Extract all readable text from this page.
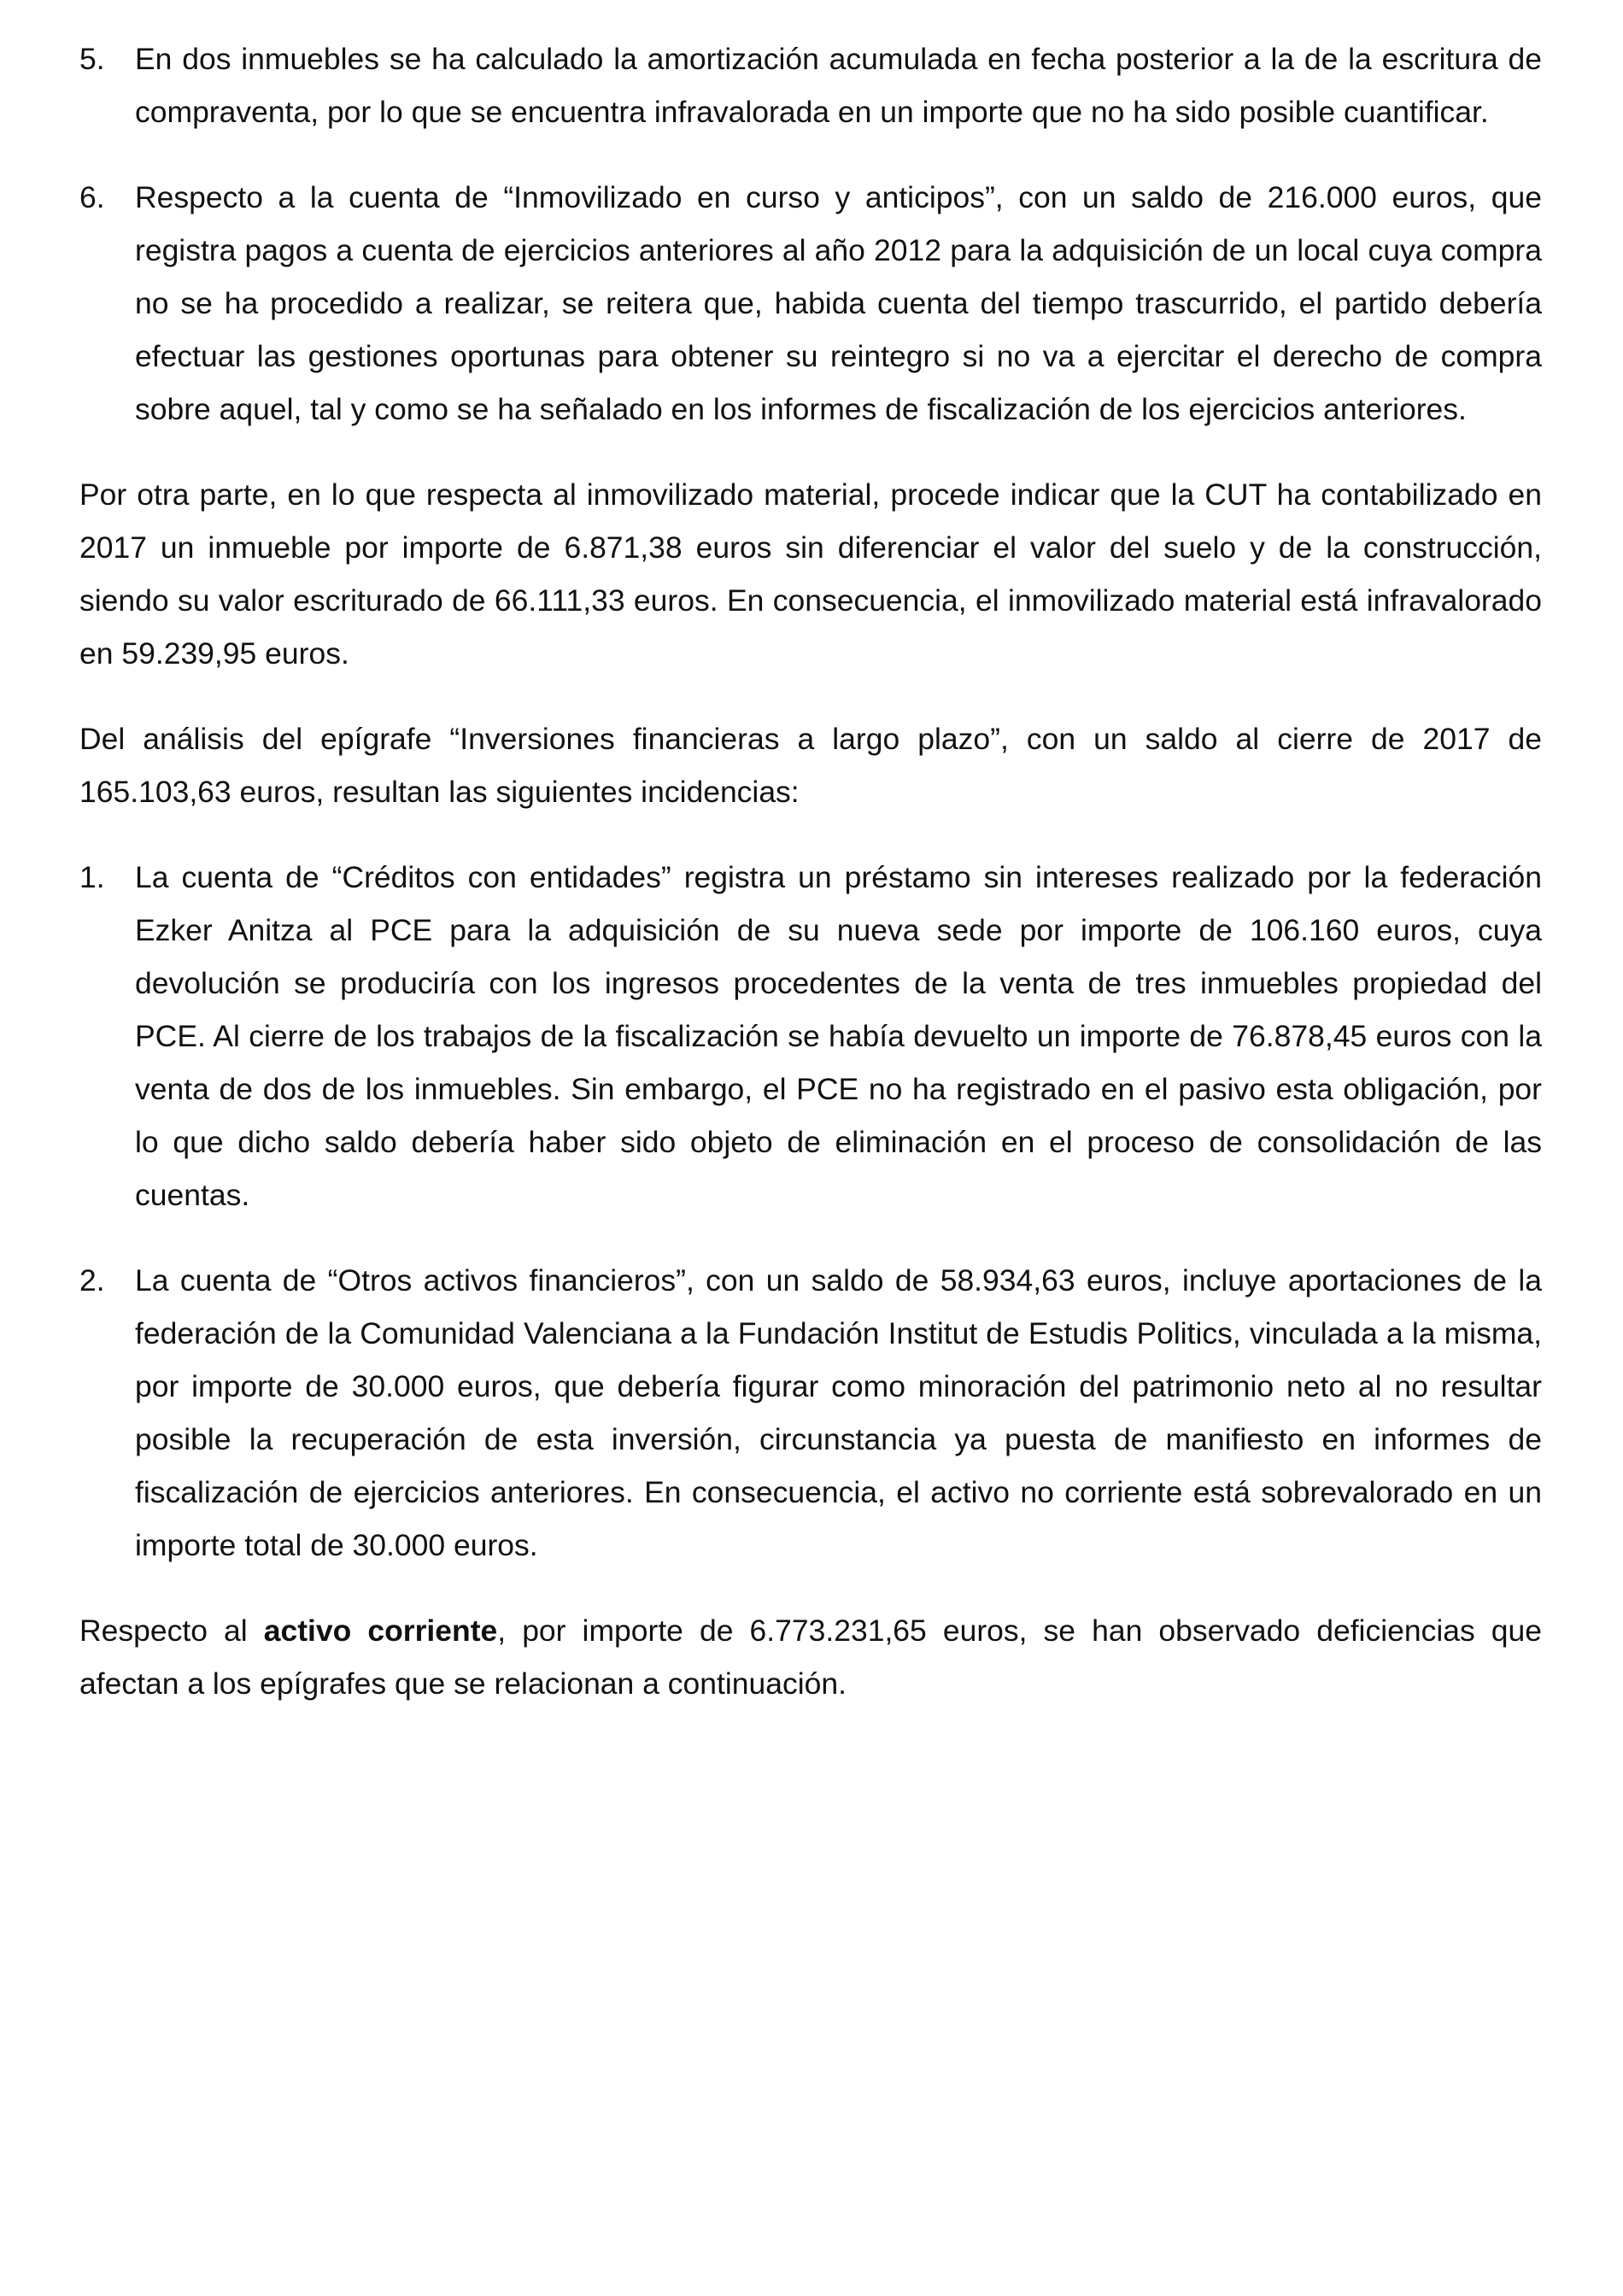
5. En dos inmuebles se ha calculado la amortización acumulada en fecha posterior a la de la escritura de compraventa, por lo que se encuentra infravalorada en un importe que no ha sido posible cuantificar.
6. Respecto a la cuenta de “Inmovilizado en curso y anticipos”, con un saldo de 216.000 euros, que registra pagos a cuenta de ejercicios anteriores al año 2012 para la adquisición de un local cuya compra no se ha procedido a realizar, se reitera que, habida cuenta del tiempo trascurrido, el partido debería efectuar las gestiones oportunas para obtener su reintegro si no va a ejercitar el derecho de compra sobre aquel, tal y como se ha señalado en los informes de fiscalización de los ejercicios anteriores.

Por otra parte, en lo que respecta al inmovilizado material, procede indicar que la CUT ha contabilizado en 2017 un inmueble por importe de 6.871,38 euros sin diferenciar el valor del suelo y de la construcción, siendo su valor escriturado de 66.111,33 euros. En consecuencia, el inmovilizado material está infravalorado en 59.239,95 euros.

Del análisis del epígrafe “Inversiones financieras a largo plazo”, con un saldo al cierre de 2017 de 165.103,63 euros, resultan las siguientes incidencias:

1. La cuenta de “Créditos con entidades” registra un préstamo sin intereses realizado por la federación Ezker Anitza al PCE para la adquisición de su nueva sede por importe de 106.160 euros, cuya devolución se produciría con los ingresos procedentes de la venta de tres inmuebles propiedad del PCE. Al cierre de los trabajos de la fiscalización se había devuelto un importe de 76.878,45 euros con la venta de dos de los inmuebles. Sin embargo, el PCE no ha registrado en el pasivo esta obligación, por lo que dicho saldo debería haber sido objeto de eliminación en el proceso de consolidación de las cuentas.
2. La cuenta de “Otros activos financieros”, con un saldo de 58.934,63 euros, incluye aportaciones de la federación de la Comunidad Valenciana a la Fundación Institut de Estudis Politics, vinculada a la misma, por importe de 30.000 euros, que debería figurar como minoración del patrimonio neto al no resultar posible la recuperación de esta inversión, circunstancia ya puesta de manifiesto en informes de fiscalización de ejercicios anteriores. En consecuencia, el activo no corriente está sobrevalorado en un importe total de 30.000 euros.

Respecto al activo corriente, por importe de 6.773.231,65 euros, se han observado deficiencias que afectan a los epígrafes que se relacionan a continuación.
